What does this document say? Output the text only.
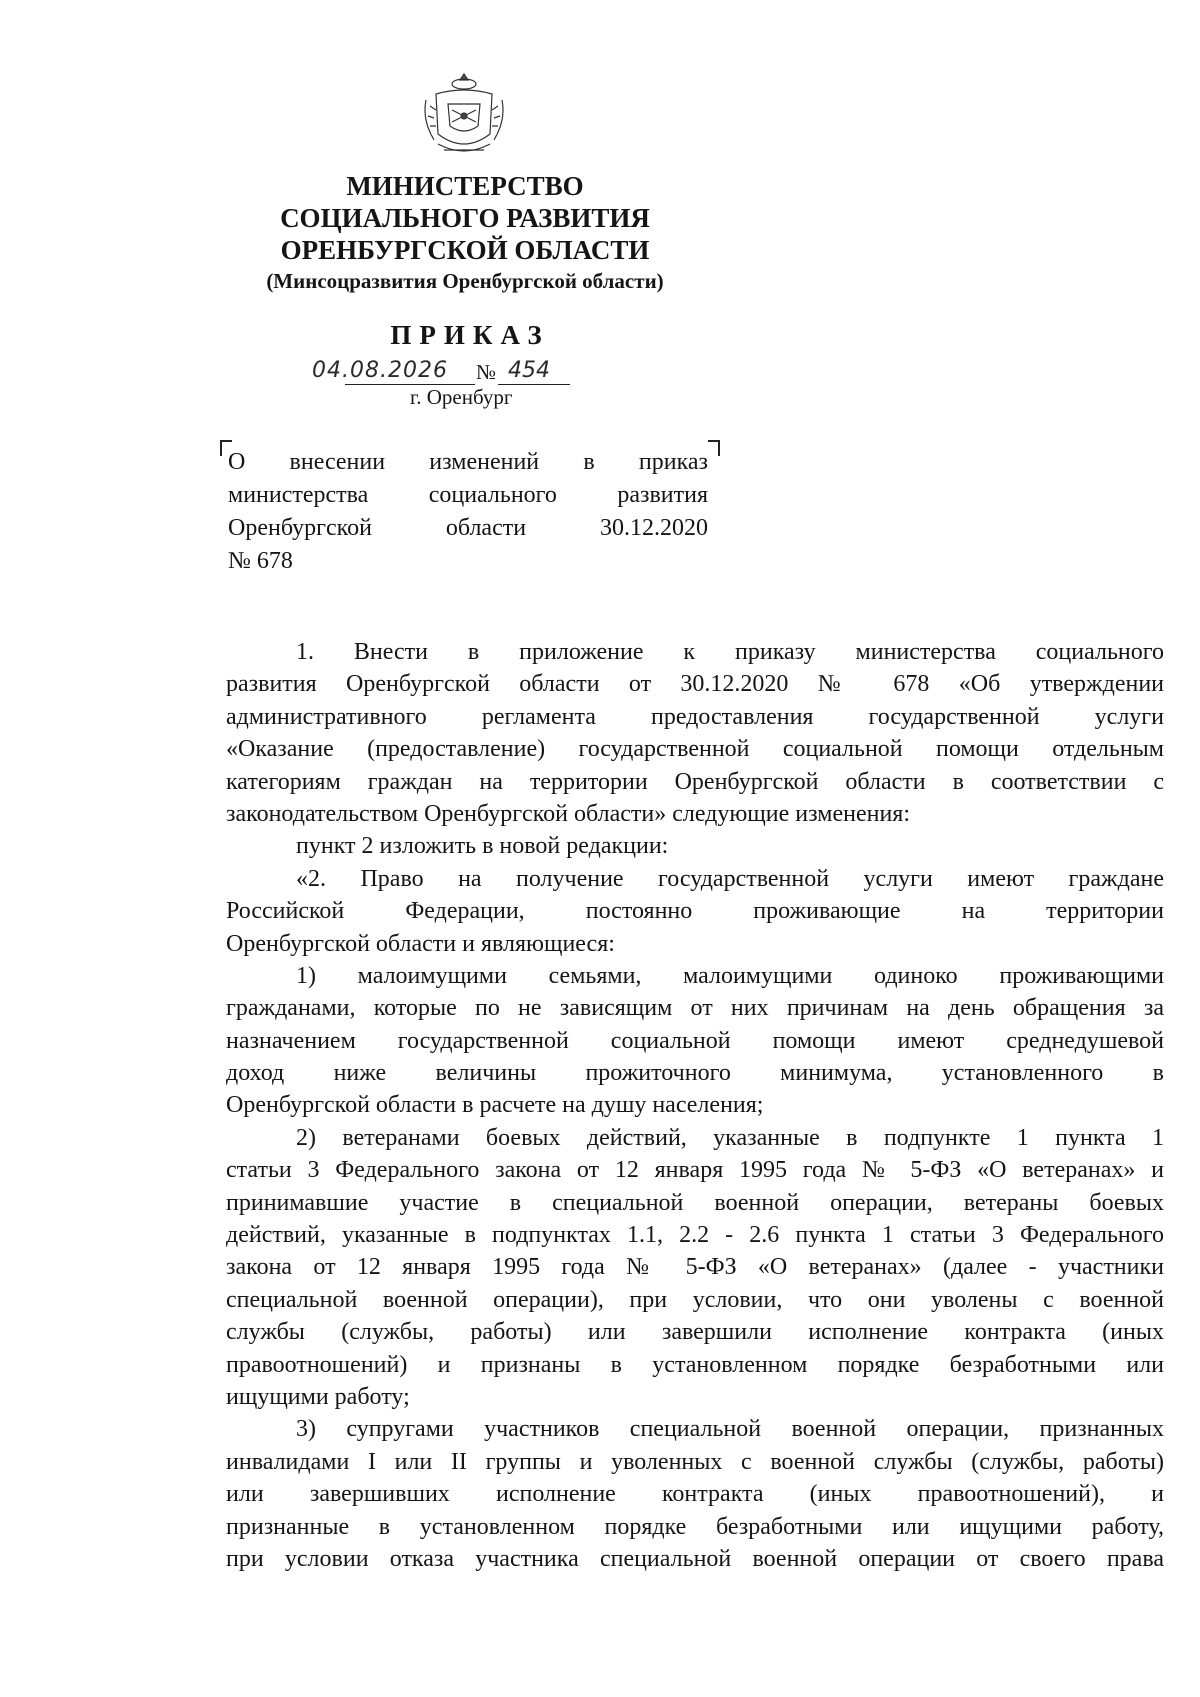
МИНИСТЕРСТВО
СОЦИАЛЬНОГО РАЗВИТИЯ
ОРЕНБУРГСКОЙ ОБЛАСТИ
(Минсоцразвития Оренбургской области)
ПРИКАЗ
04.08.2026 № 454
г. Оренбург
О внесении изменений в приказ
министерства социального развития
Оренбургской области 30.12.2020
№ 678
1. Внести в приложение к приказу министерства социального
развития Оренбургской области от 30.12.2020 № 678 «Об утверждении
административного регламента предоставления государственной услуги
«Оказание (предоставление) государственной социальной помощи отдельным
категориям граждан на территории Оренбургской области в соответствии с
законодательством Оренбургской области» следующие изменения:
пункт 2 изложить в новой редакции:
«2. Право на получение государственной услуги имеют граждане
Российской Федерации, постоянно проживающие на территории
Оренбургской области и являющиеся:
1) малоимущими семьями, малоимущими одиноко проживающими
гражданами, которые по не зависящим от них причинам на день обращения за
назначением государственной социальной помощи имеют среднедушевой
доход ниже величины прожиточного минимума, установленного в
Оренбургской области в расчете на душу населения;
2) ветеранами боевых действий, указанные в подпункте 1 пункта 1
статьи 3 Федерального закона от 12 января 1995 года № 5-ФЗ «О ветеранах» и
принимавшие участие в специальной военной операции, ветераны боевых
действий, указанные в подпунктах 1.1, 2.2 - 2.6 пункта 1 статьи 3 Федерального
закона от 12 января 1995 года № 5-ФЗ «О ветеранах» (далее - участники
специальной военной операции), при условии, что они уволены с военной
службы (службы, работы) или завершили исполнение контракта (иных
правоотношений) и признаны в установленном порядке безработными или
ищущими работу;
3) супругами участников специальной военной операции, признанных
инвалидами I или II группы и уволенных с военной службы (службы, работы)
или завершивших исполнение контракта (иных правоотношений), и
признанные в установленном порядке безработными или ищущими работу,
при условии отказа участника специальной военной операции от своего права
